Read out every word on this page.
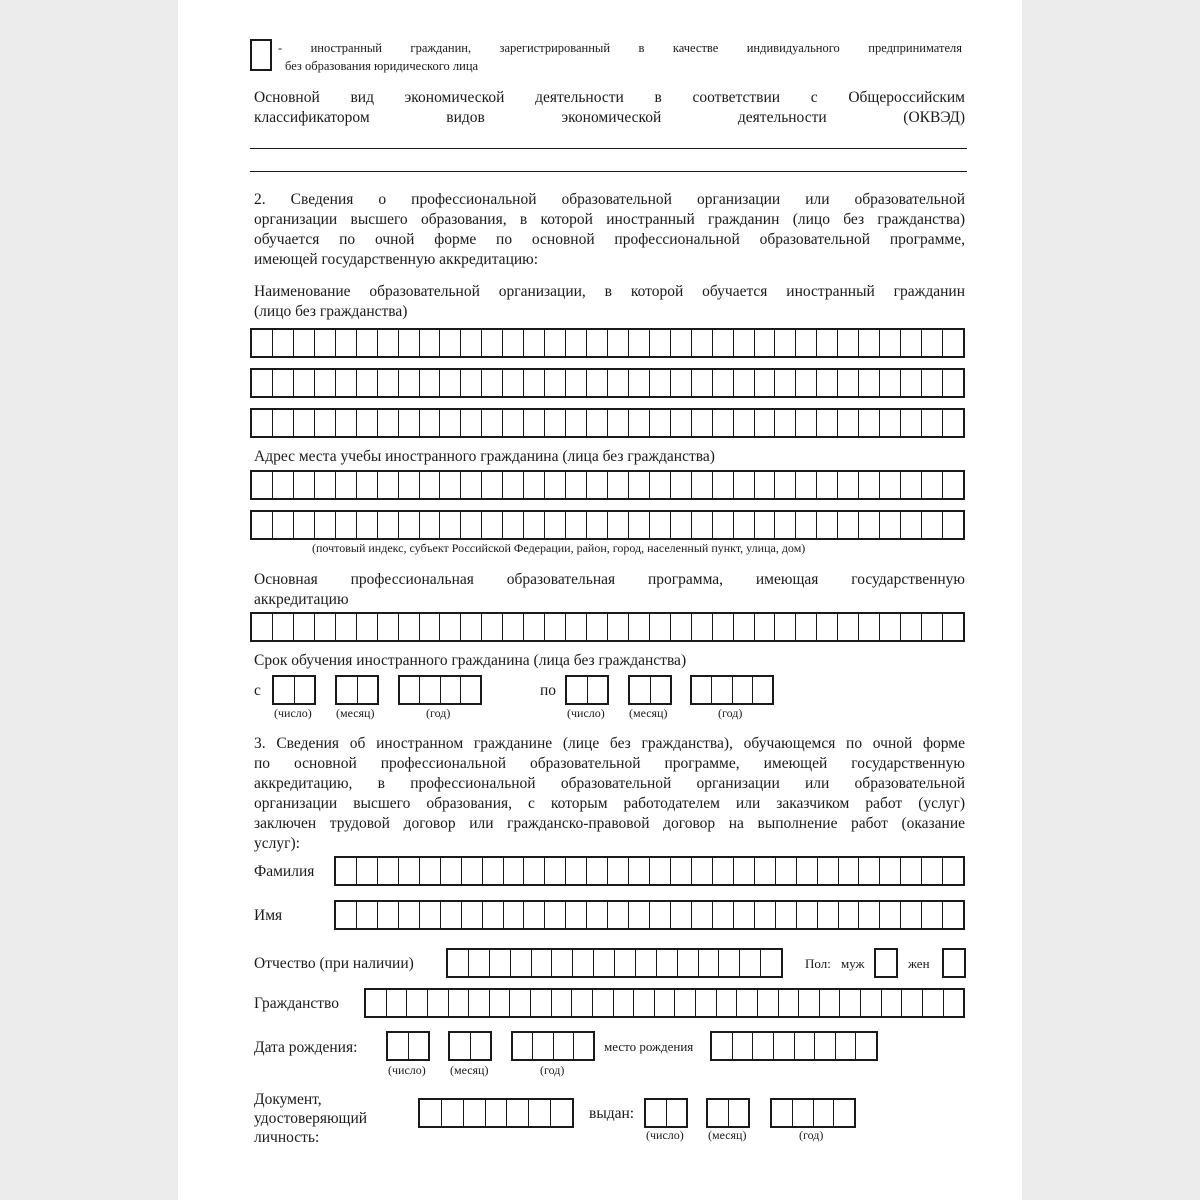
- иностранный гражданин, зарегистрированный в качестве индивидуального предпринимателя
без образования юридического лица
Основной вид экономической деятельности в соответствии с Общероссийским
классификатором видов экономической деятельности (ОКВЭД)
2. Сведения о профессиональной образовательной организации или образовательной
организации высшего образования, в которой иностранный гражданин (лицо без гражданства)
обучается по очной форме по основной профессиональной образовательной программе,
имеющей государственную аккредитацию:
Наименование образовательной организации, в которой обучается иностранный гражданин
(лицо без гражданства)
Адрес места учебы иностранного гражданина (лица без гражданства)
(почтовый индекс, субъект Российской Федерации, район, город, населенный пункт, улица, дом)
Основная профессиональная образовательная программа, имеющая государственную
аккредитацию
Срок обучения иностранного гражданина (лица без гражданства)
с
(число) (месяц)	(год)
по
(число) (месяц)	(год)
3. Сведения об иностранном гражданине (лице без гражданства), обучающемся по очной форме
по основной профессиональной образовательной программе, имеющей государственную
аккредитацию, в профессиональной образовательной организации или образовательной
организации высшего образования, с которым работодателем или заказчиком работ (услуг)
заключен трудовой договор или гражданско-правовой договор на выполнение работ (оказание
услуг):
Фамилия
Имя
Отчество (при наличии)	Пол: муж	жен
Гражданство
Дата рождения:
(число) (месяц)	(год)
место рождения
Документ,
удостоверяющий
личность:
выдан:
(число) (месяц)	(год)
